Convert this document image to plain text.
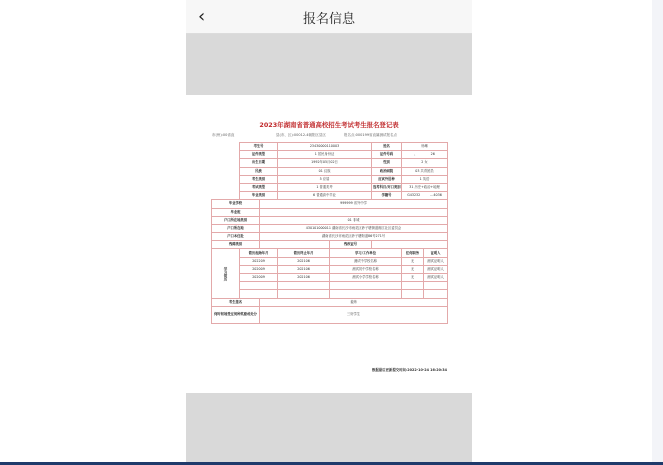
‹	报名信息
2023年湖南省普通高校招生考试考生报名登记表
市(州):00省直	县(市、区):00012-4朝阳区县区	报名点:000199省直属测试报名点
	考生号		23430000110003		姓名	杨琳	
	证件类型		1 居民身份证		证件号码	、　　　　26	
	出生日期		1992年05月02日		性别	2 女	
	民族		01 汉族		政治面貌	03 共青团员	
	考生类别		5 应届		应试外语种	1 英语	
	考试类型		1 普通类考		选考科目/对口类别	31 历史+政治+地理	
	毕业类别		6 普通高中毕业		学籍号	G43232　　　…4036	
毕业学校		999999 省外中学					
毕业班							
户口所在地类别		01 非城					
户口所在地		430101000011 湖南省长沙市雨花区砂子塘街道湘江社区委员会					
户口本住址		湖南省长沙市雨花区砂子塘街道86号271号					
残障类别				残疾证号			
学习简历	简历起始年月		简历终止年月	学习/工作单位		任何职务	证明人
	202209		202106	测试中学校名称		无	测试证明人
	202009		202106	测试初中学校名称		无	测试证明人
	202009		202106	测试小学学校名称		无	测试证明人

考生签名		羞缔					
何时何地受过何种奖励或处分		三好学生					
数据最后更新提交时间:2022-10-24 16:20:34
